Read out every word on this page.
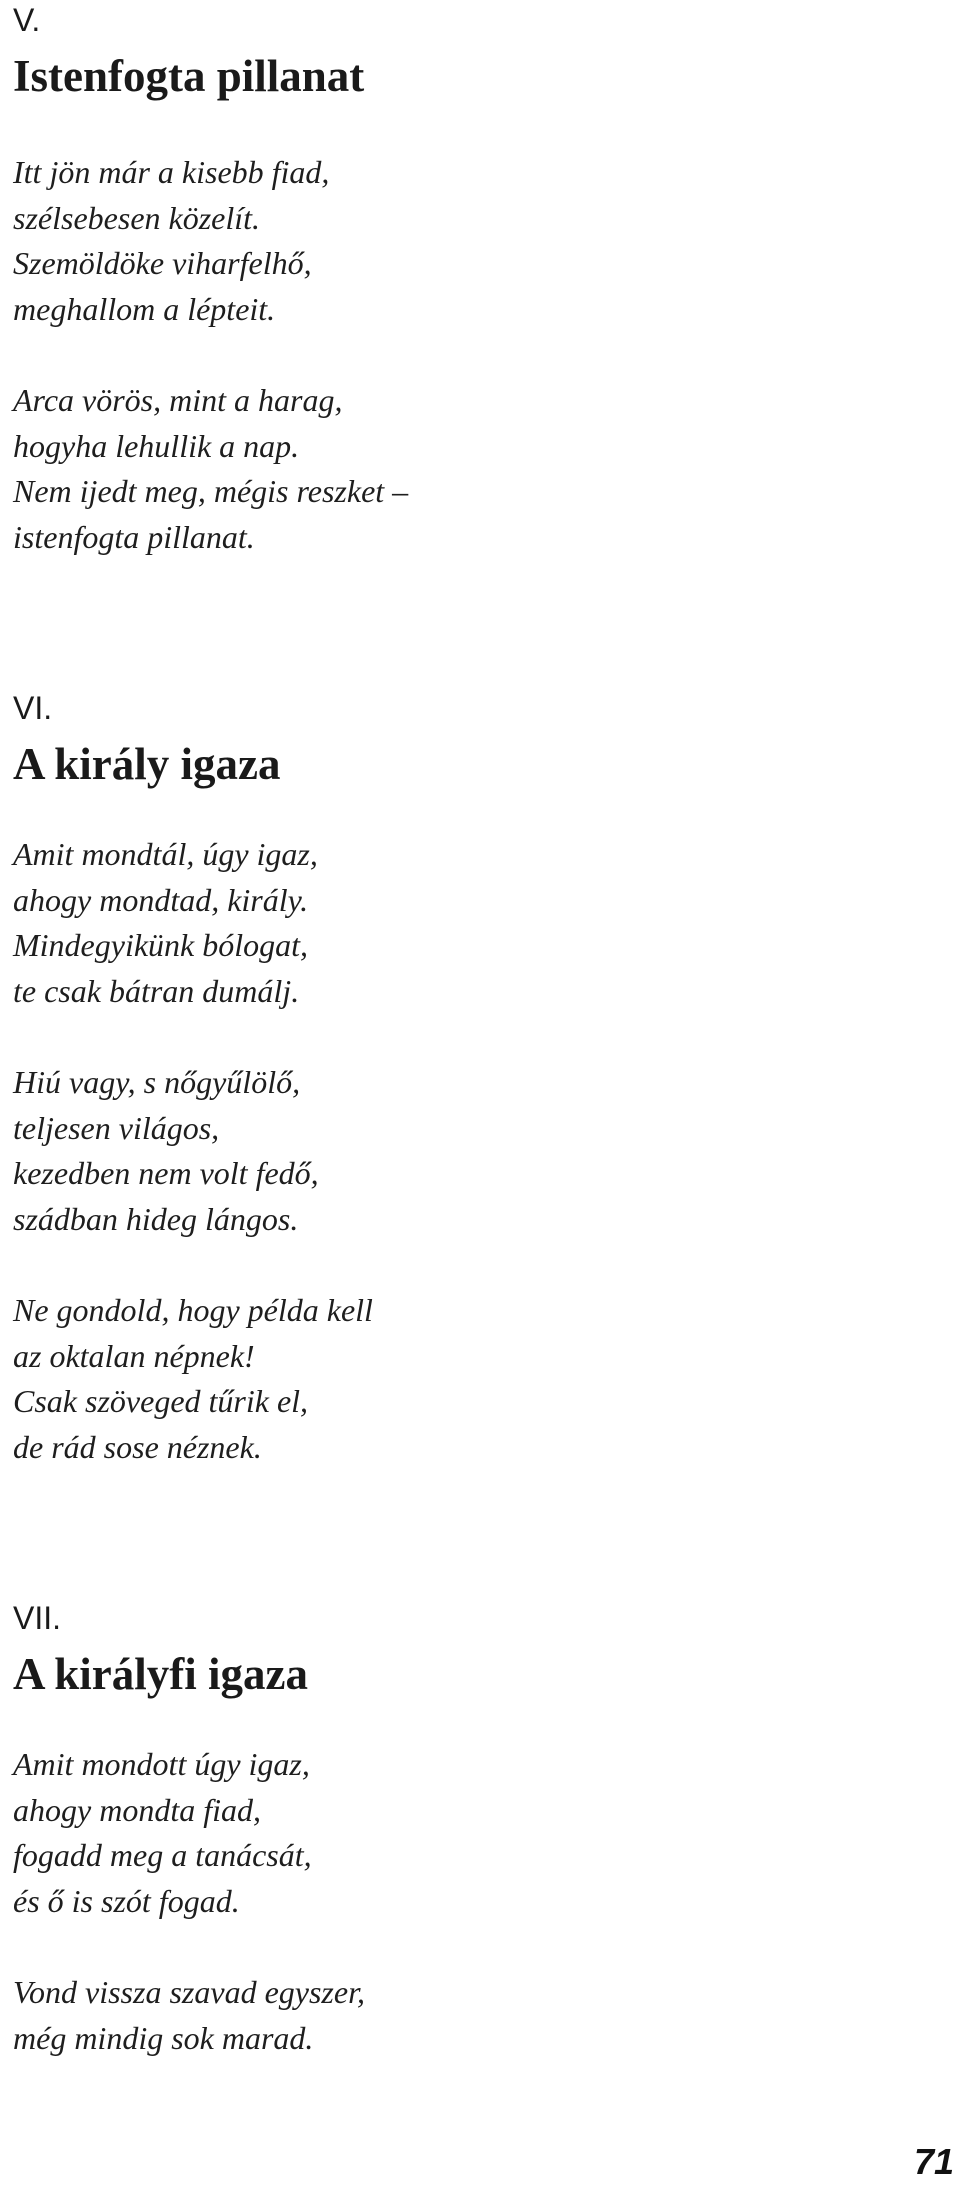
V.
Istenfogta pillanat
Itt jön már a kisebb fiad,
szélsebesen közelít.
Szemöldöke viharfelhő,
meghallom a lépteit.
Arca vörös, mint a harag,
hogyha lehullik a nap.
Nem ijedt meg, mégis reszket –
istenfogta pillanat.
VI.
A király igaza
Amit mondtál, úgy igaz,
ahogy mondtad, király.
Mindegyikünk bólogat,
te csak bátran dumálj.
Hiú vagy, s nőgyűlölő,
teljesen világos,
kezedben nem volt fedő,
szádban hideg lángos.
Ne gondold, hogy példa kell
az oktalan népnek!
Csak szöveged tűrik el,
de rád sose néznek.
VII.
A királyfi igaza
Amit mondott úgy igaz,
ahogy mondta fiad,
fogadd meg a tanácsát,
és ő is szót fogad.
Vond vissza szavad egyszer,
még mindig sok marad.
71
